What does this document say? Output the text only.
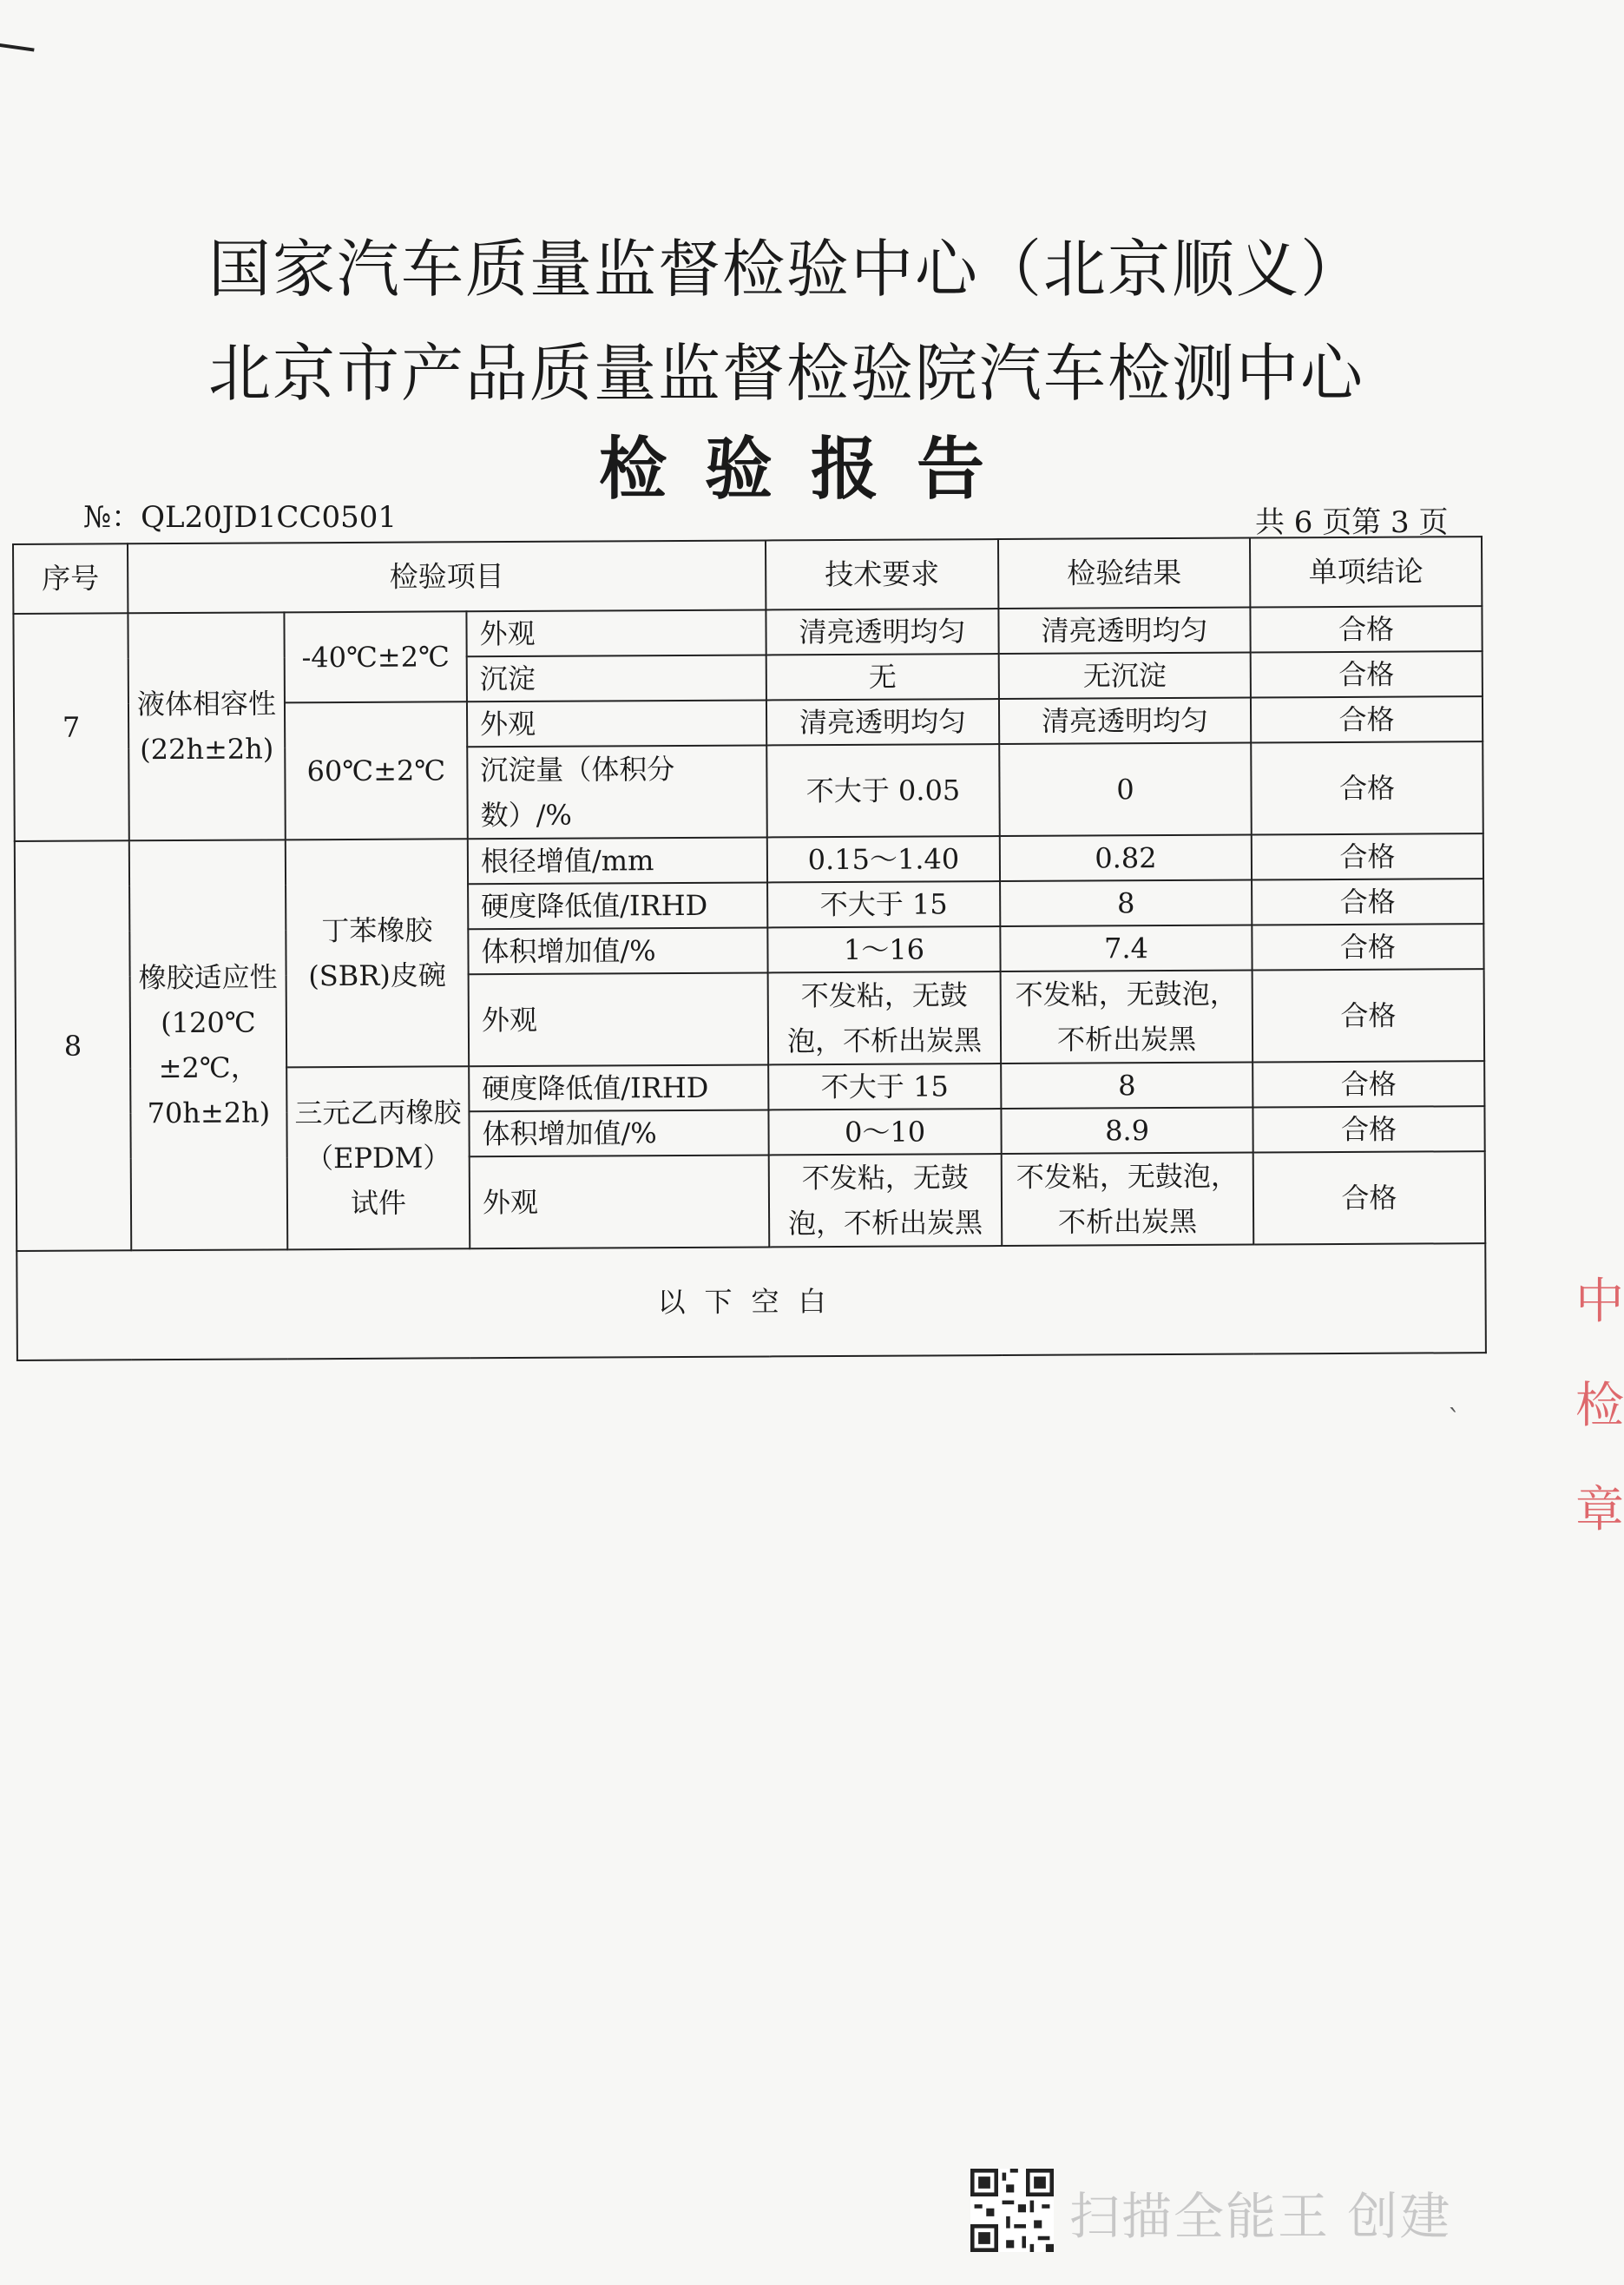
国家汽车质量监督检验中心（北京顺义）
北京市产品质量监督检验院汽车检测中心
检验报告
№：QL20JD1CC0501	共 6 页第 3 页
序号	检验项目			技术要求	检验结果	单项结论
7	液体相容性(22h±2h)	-40℃±2℃	外观	清亮透明均匀	清亮透明均匀	合格
			沉淀	无	无沉淀	合格
		60℃±2℃	外观	清亮透明均匀	清亮透明均匀	合格
			沉淀量（体积分数）/%	不大于 0.05	0	合格
8	橡胶适应性(120℃±2℃，70h±2h)	丁苯橡胶(SBR)皮碗	根径增值/mm	0.15～1.40	0.82	合格
			硬度降低值/IRHD	不大于 15	8	合格
			体积增加值/%	1～16	7.4	合格
			外观	不发粘，无鼓泡，不析出炭黑	不发粘，无鼓泡，不析出炭黑	合格
		三元乙丙橡胶（EPDM）试件	硬度降低值/IRHD	不大于 15	8	合格
			体积增加值/%	0～10	8.9	合格
			外观	不发粘，无鼓泡，不析出炭黑	不发粘，无鼓泡，不析出炭黑	合格
以下空白							中检章
`
扫描全能王 创建
